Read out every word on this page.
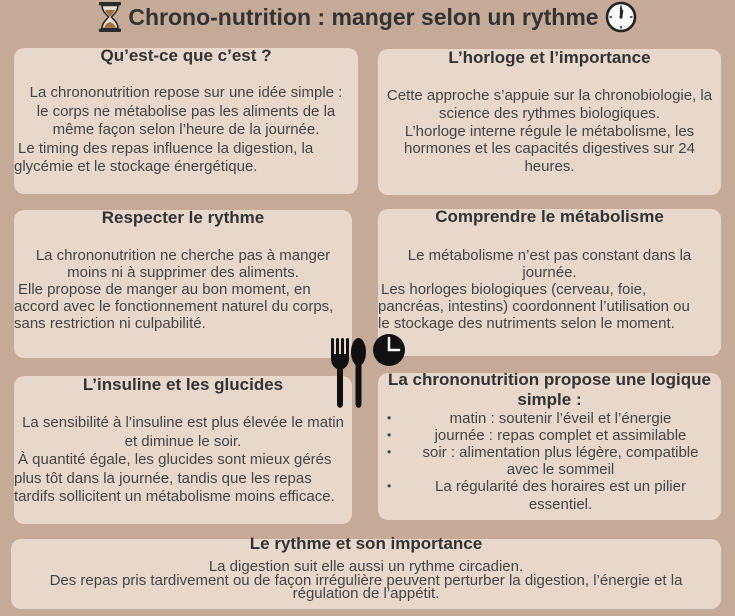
Chrono-nutrition : manger selon un rythme
Qu’est-ce que c’est ?
La chrononutrition repose sur une idée simple :
le corps ne métabolise pas les aliments de la
même façon selon l’heure de la journée.
Le timing des repas influence la digestion, la
glycémie et le stockage énergétique.
L’horloge et l’importance
Cette approche s’appuie sur la chronobiologie, la
science des rythmes biologiques.
L’horloge interne régule le métabolisme, les
hormones et les capacités digestives sur 24
heures.
Respecter le rythme
La chrononutrition ne cherche pas à manger
moins ni à supprimer des aliments.
Elle propose de manger au bon moment, en
accord avec le fonctionnement naturel du corps,
sans restriction ni culpabilité.
Comprendre le métabolisme
Le métabolisme n’est pas constant dans la
journée.
Les horloges biologiques (cerveau, foie,
pancréas, intestins) coordonnent l’utilisation ou
le stockage des nutriments selon le moment.
L’insuline et les glucides
La sensibilité à l’insuline est plus élevée le matin
et diminue le soir.
À quantité égale, les glucides sont mieux gérés
plus tôt dans la journée, tandis que les repas
tardifs sollicitent un métabolisme moins efficace.
La chrononutrition propose une logique simple :
•	matin : soutenir l’éveil et l’énergie
•	journée : repas complet et assimilable
•	soir : alimentation plus légère, compatible
avec le sommeil
•	La régularité des horaires est un pilier
essentiel.
Le rythme et son importance
La digestion suit elle aussi un rythme circadien.
Des repas pris tardivement ou de façon irrégulière peuvent perturber la digestion, l’énergie et la
régulation de l’appétit.
